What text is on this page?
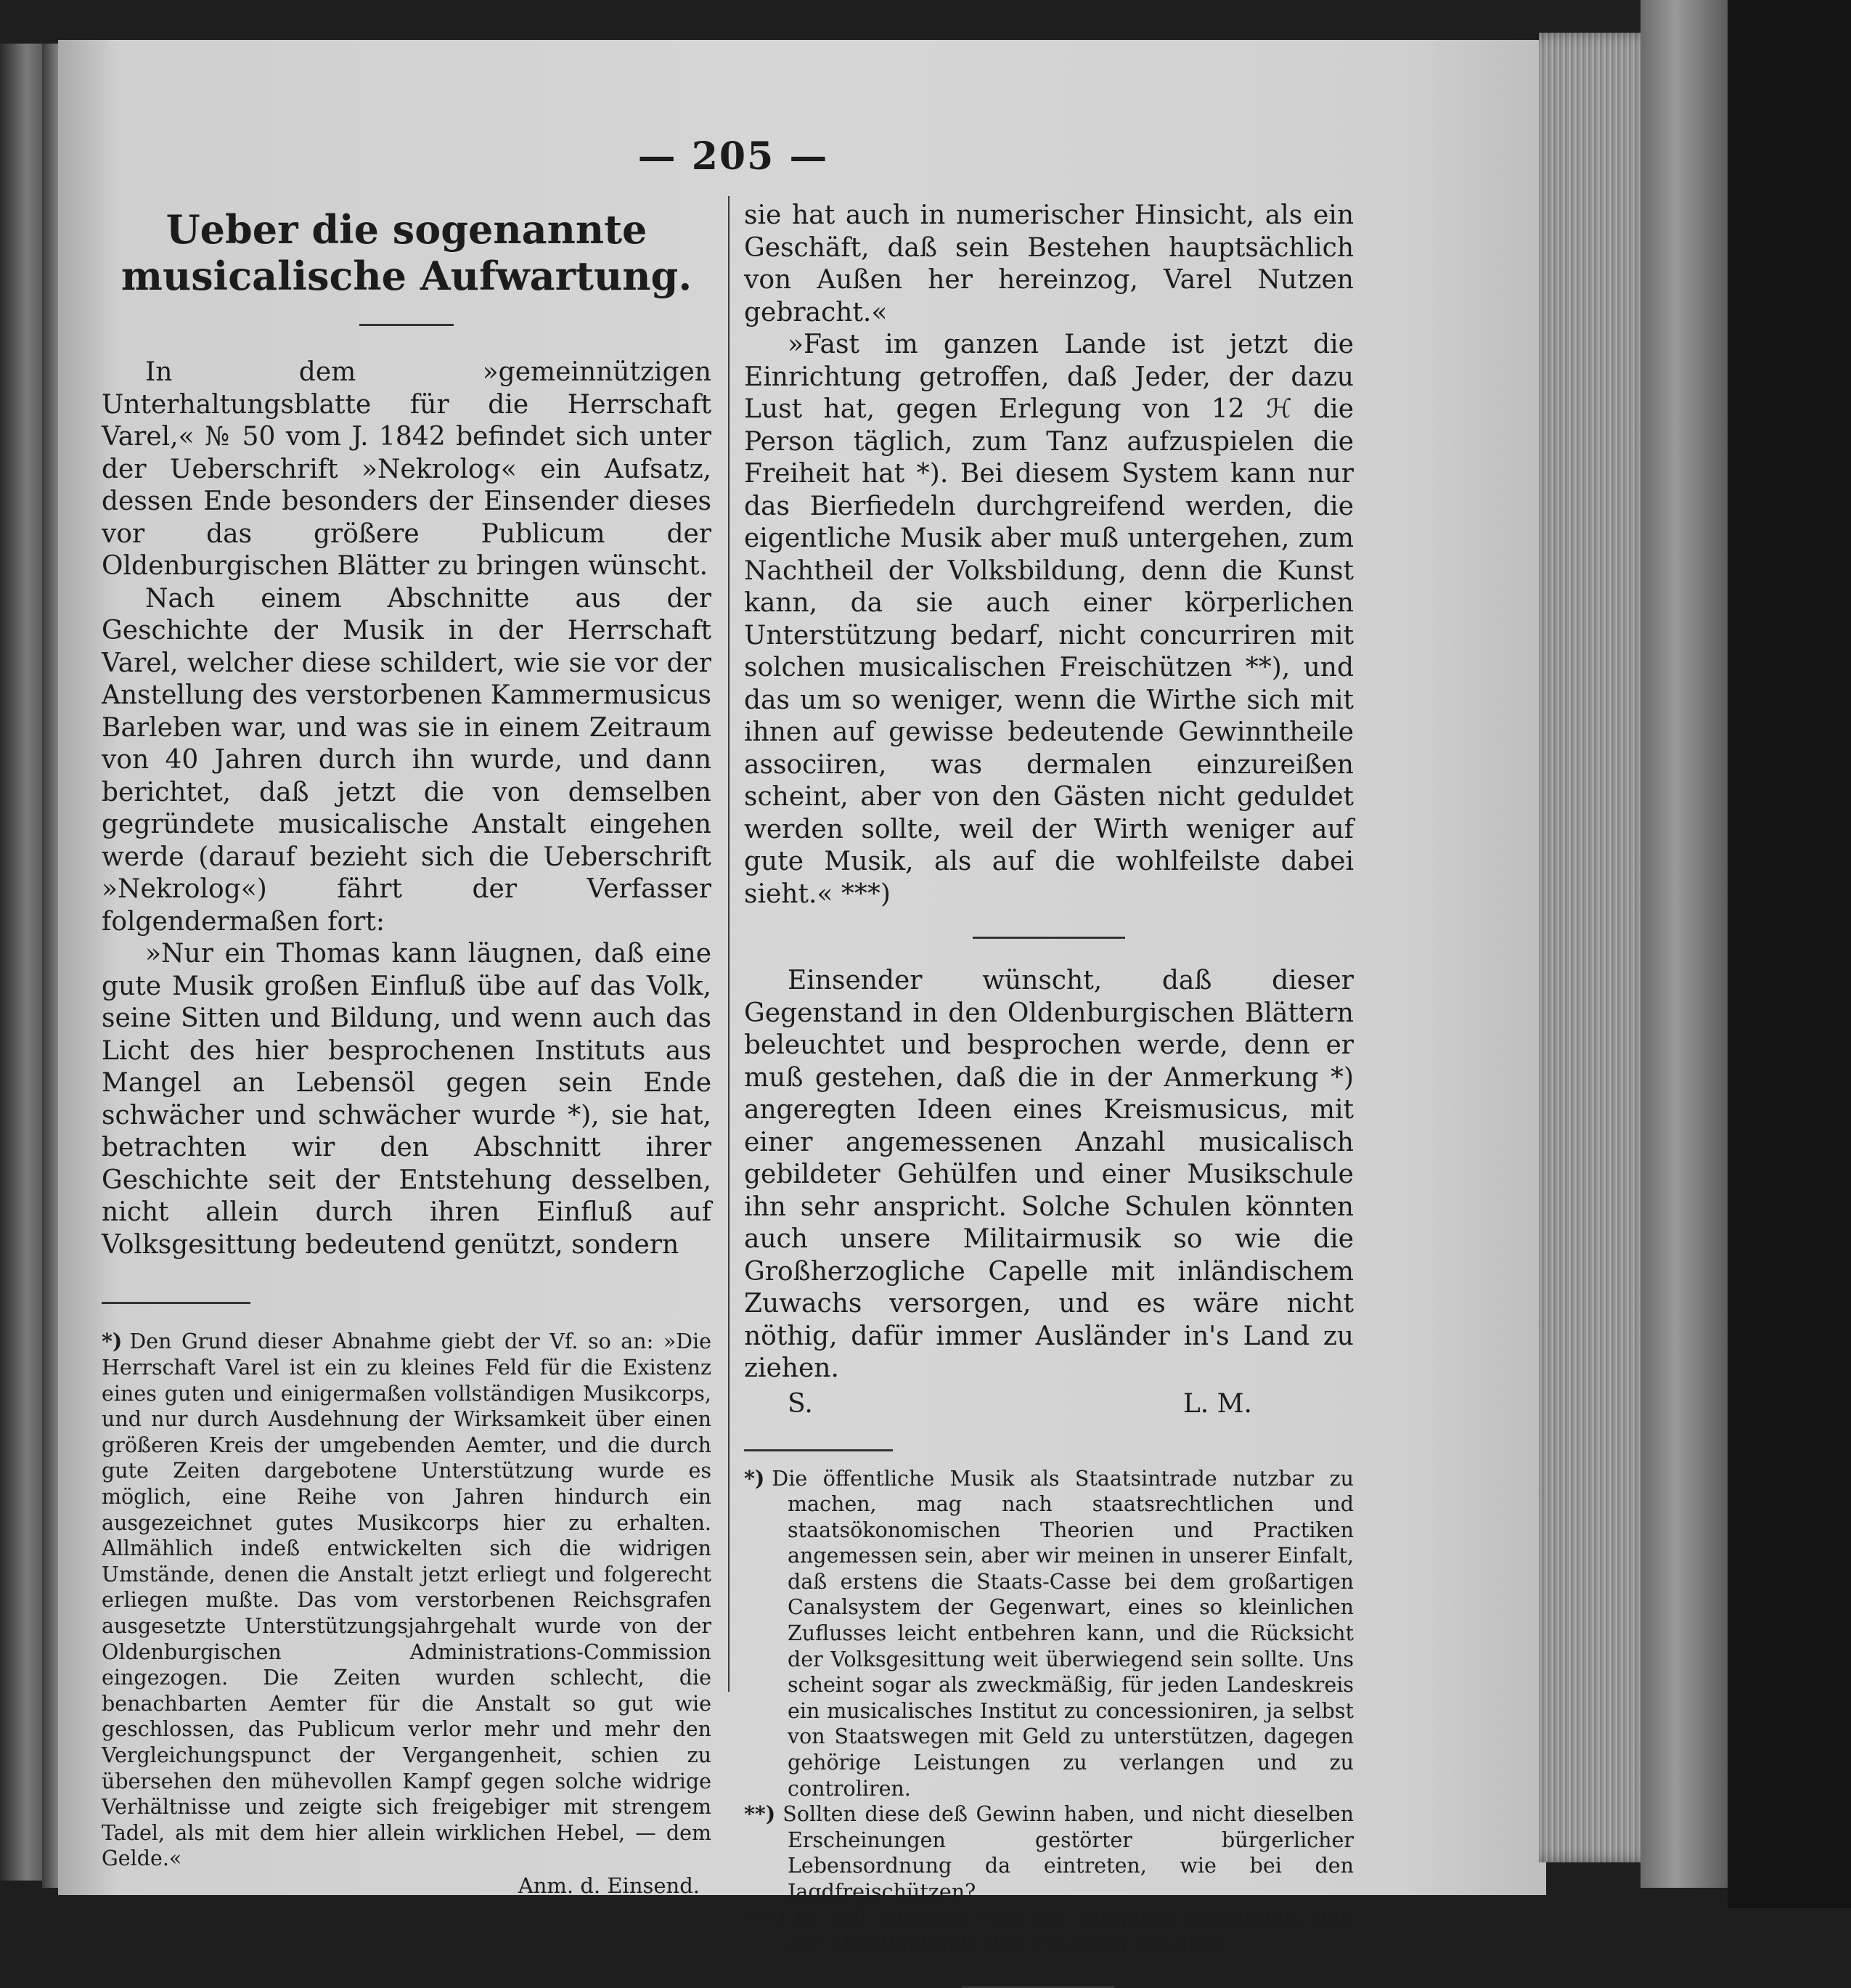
— 205 —
Ueber die sogenannte musicalische Aufwartung.

In dem »gemeinnützigen Unterhaltungsblatte für die Herrschaft Varel,« № 50 vom J. 1842 befindet sich unter der Ueberschrift »Nekrolog« ein Aufsatz, dessen Ende besonders der Einsender dieses vor das größere Publicum der Oldenburgischen Blätter zu bringen wünscht.

Nach einem Abschnitte aus der Geschichte der Musik in der Herrschaft Varel, welcher diese schildert, wie sie vor der Anstellung des verstorbenen Kammermusicus Barleben war, und was sie in einem Zeitraum von 40 Jahren durch ihn wurde, und dann berichtet, daß jetzt die von demselben gegründete musicalische Anstalt eingehen werde (darauf bezieht sich die Ueberschrift »Nekrolog«) fährt der Verfasser folgendermaßen fort:

»Nur ein Thomas kann läugnen, daß eine gute Musik großen Einfluß übe auf das Volk, seine Sitten und Bildung, und wenn auch das Licht des hier besprochenen Instituts aus Mangel an Lebensöl gegen sein Ende schwächer und schwächer wurde *), sie hat, betrachten wir den Abschnitt ihrer Geschichte seit der Entstehung desselben, nicht allein durch ihren Einfluß auf Volksgesittung bedeutend genützt, sondern

*) Den Grund dieser Abnahme giebt der Vf. so an: »Die Herrschaft Varel ist ein zu kleines Feld für die Existenz eines guten und einigermaßen vollständigen Musikcorps, und nur durch Ausdehnung der Wirksamkeit über einen größeren Kreis der umgebenden Aemter, und die durch gute Zeiten dargebotene Unterstützung wurde es möglich, eine Reihe von Jahren hindurch ein ausgezeichnet gutes Musikcorps hier zu erhalten. Allmählich indeß entwickelten sich die widrigen Umstände, denen die Anstalt jetzt erliegt und folgerecht erliegen mußte. Das vom verstorbenen Reichsgrafen ausgesetzte Unterstützungsjahrgehalt wurde von der Oldenburgischen Administrations-Commission eingezogen. Die Zeiten wurden schlecht, die benachbarten Aemter für die Anstalt so gut wie geschlossen, das Publicum verlor mehr und mehr den Vergleichungspunct der Vergangenheit, schien zu übersehen den mühevollen Kampf gegen solche widrige Verhältnisse und zeigte sich freigebiger mit strengem Tadel, als mit dem hier allein wirklichen Hebel, — dem Gelde.«

Anm. d. Einsend.

sie hat auch in numerischer Hinsicht, als ein Geschäft, daß sein Bestehen hauptsächlich von Außen her hereinzog, Varel Nutzen gebracht.«

»Fast im ganzen Lande ist jetzt die Einrichtung getroffen, daß Jeder, der dazu Lust hat, gegen Erlegung von 12 ℋ die Person täglich, zum Tanz aufzuspielen die Freiheit hat *). Bei diesem System kann nur das Bierfiedeln durchgreifend werden, die eigentliche Musik aber muß untergehen, zum Nachtheil der Volksbildung, denn die Kunst kann, da sie auch einer körperlichen Unterstützung bedarf, nicht concurriren mit solchen musicalischen Freischützen **), und das um so weniger, wenn die Wirthe sich mit ihnen auf gewisse bedeutende Gewinntheile associiren, was dermalen einzureißen scheint, aber von den Gästen nicht geduldet werden sollte, weil der Wirth weniger auf gute Musik, als auf die wohlfeilste dabei sieht.« ***)

Einsender wünscht, daß dieser Gegenstand in den Oldenburgischen Blättern beleuchtet und besprochen werde, denn er muß gestehen, daß die in der Anmerkung *) angeregten Ideen eines Kreismusicus, mit einer angemessenen Anzahl musicalisch gebildeter Gehülfen und einer Musikschule ihn sehr anspricht. Solche Schulen könnten auch unsere Militairmusik so wie die Großherzogliche Capelle mit inländischem Zuwachs versorgen, und es wäre nicht nöthig, dafür immer Ausländer in's Land zu ziehen.

S.	L. M.

*) Die öffentliche Musik als Staatsintrade nutzbar zu machen, mag nach staatsrechtlichen und staatsökonomischen Theorien und Practiken angemessen sein, aber wir meinen in unserer Einfalt, daß erstens die Staats-Casse bei dem großartigen Canalsystem der Gegenwart, eines so kleinlichen Zuflusses leicht entbehren kann, und die Rücksicht der Volksgesittung weit überwiegend sein sollte. Uns scheint sogar als zweckmäßig, für jeden Landeskreis ein musicalisches Institut zu concessioniren, ja selbst von Staatswegen mit Geld zu unterstützen, dagegen gehörige Leistungen zu verlangen und zu controliren.

**) Sollten diese deß Gewinn haben, und nicht dieselben Erscheinungen gestörter bürgerlicher Lebensordnung da eintreten, wie bei den Jagdfreischützen?

***) Es soll mitunter eine Art Aufgebot statifinden, und der Meistbietende den Zuschlag erhalten.
